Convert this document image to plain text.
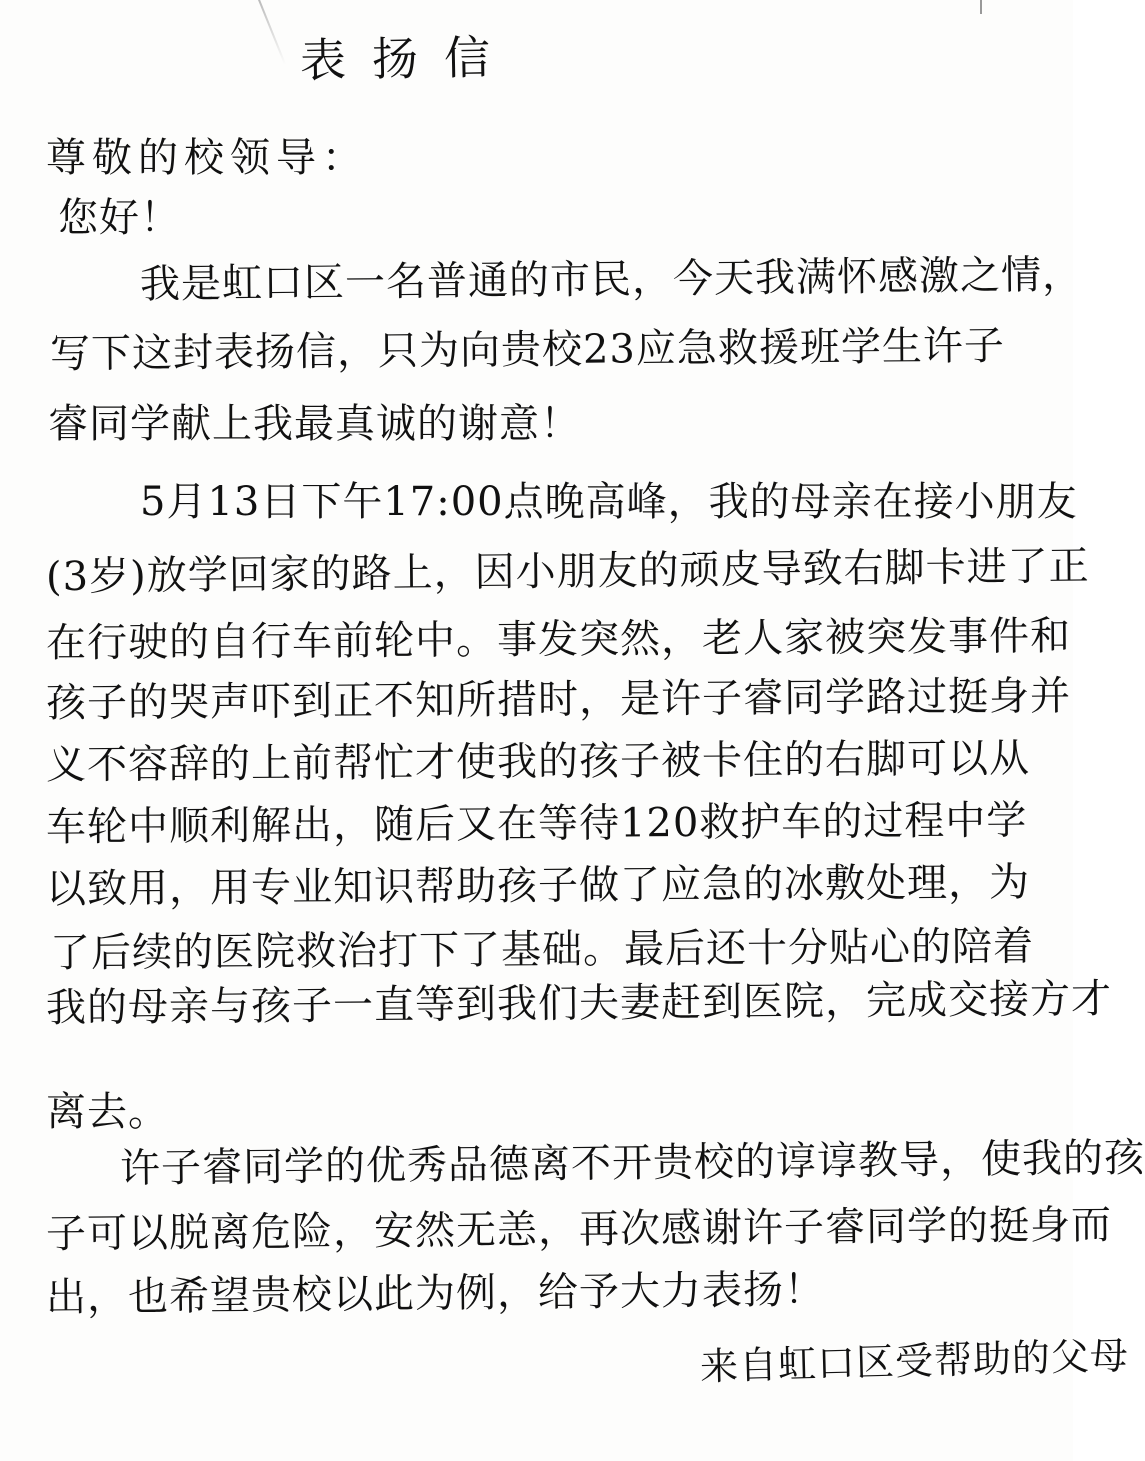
表扬信
尊敬的校领导：
您好！
我是虹口区一名普通的市民，今天我满怀感激之情，
写下这封表扬信，只为向贵校23应急救援班学生许子
睿同学献上我最真诚的谢意！
5月13日下午17:00点晚高峰，我的母亲在接小朋友
(3岁)放学回家的路上，因小朋友的顽皮导致右脚卡进了正
在行驶的自行车前轮中。事发突然，老人家被突发事件和
孩子的哭声吓到正不知所措时，是许子睿同学路过挺身并
义不容辞的上前帮忙才使我的孩子被卡住的右脚可以从
车轮中顺利解出，随后又在等待120救护车的过程中学
以致用，用专业知识帮助孩子做了应急的冰敷处理，为
了后续的医院救治打下了基础。最后还十分贴心的陪着
我的母亲与孩子一直等到我们夫妻赶到医院，完成交接方才
离去。
许子睿同学的优秀品德离不开贵校的谆谆教导，使我的孩
子可以脱离危险，安然无恙，再次感谢许子睿同学的挺身而
出，也希望贵校以此为例，给予大力表扬！
来自虹口区受帮助的父母
